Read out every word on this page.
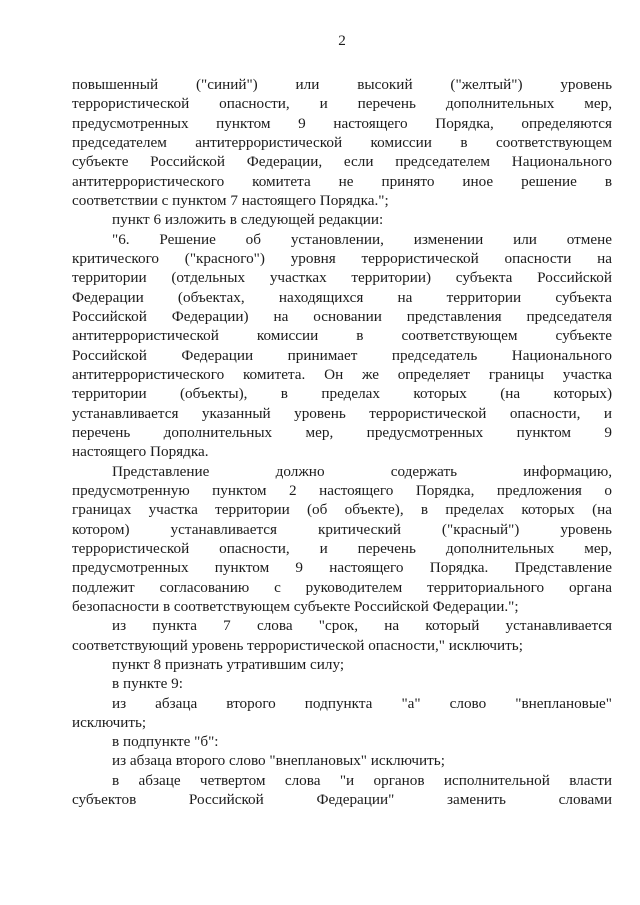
2
повышенный ("синий") или высокий ("желтый") уровень
террористической опасности, и перечень дополнительных мер,
предусмотренных пунктом 9 настоящего Порядка, определяются
председателем антитеррористической комиссии в соответствующем
субъекте Российской Федерации, если председателем Национального
антитеррористического комитета не принято иное решение в
соответствии с пунктом 7 настоящего Порядка.";
пункт 6 изложить в следующей редакции:
"6. Решение об установлении, изменении или отмене
критического ("красного") уровня террористической опасности на
территории (отдельных участках территории) субъекта Российской
Федерации (объектах, находящихся на территории субъекта
Российской Федерации) на основании представления председателя
антитеррористической комиссии в соответствующем субъекте
Российской Федерации принимает председатель Национального
антитеррористического комитета. Он же определяет границы участка
территории (объекты), в пределах которых (на которых)
устанавливается указанный уровень террористической опасности, и
перечень дополнительных мер, предусмотренных пунктом 9
настоящего Порядка.
Представление должно содержать информацию,
предусмотренную пунктом 2 настоящего Порядка, предложения о
границах участка территории (об объекте), в пределах которых (на
котором) устанавливается критический ("красный") уровень
террористической опасности, и перечень дополнительных мер,
предусмотренных пунктом 9 настоящего Порядка. Представление
подлежит согласованию с руководителем территориального органа
безопасности в соответствующем субъекте Российской Федерации.";
из пункта 7 слова "срок, на который устанавливается
соответствующий уровень террористической опасности," исключить;
пункт 8 признать утратившим силу;
в пункте 9:
из абзаца второго подпункта "а" слово "внеплановые"
исключить;
в подпункте "б":
из абзаца второго слово "внеплановых" исключить;
в абзаце четвертом слова "и органов исполнительной власти
субъектов Российской Федерации" заменить словами
